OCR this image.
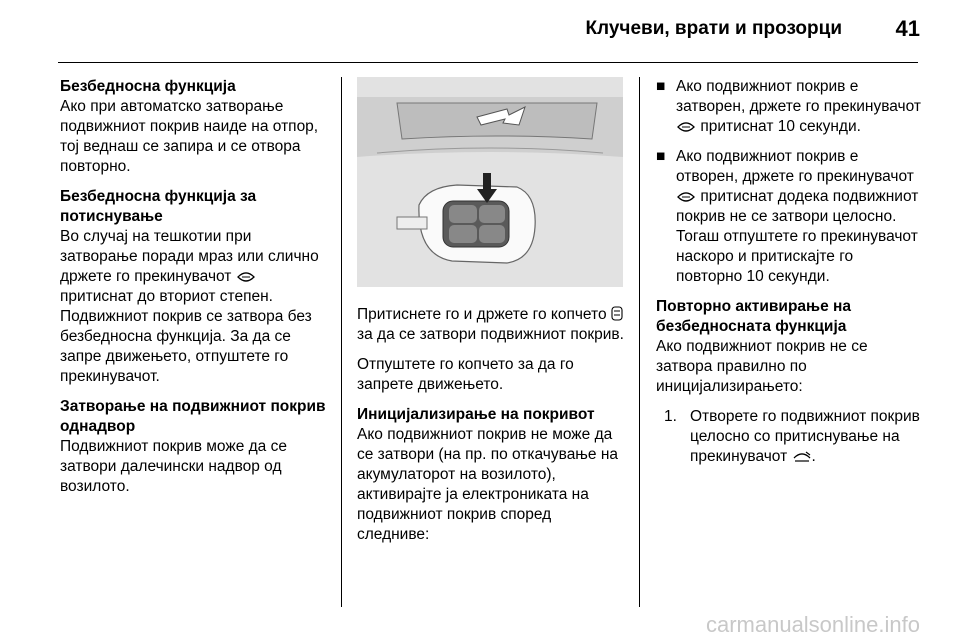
Клучеви, врати и прозорци 41
Безбедносна функција

Ако при автоматско затворање подвижниот покрив наиде на отпор, тој веднаш се запира и се отвора повторно.

Безбедносна функција за потиснување

Во случај на тешкотии при затворање поради мраз или слично држете го прекинувачот  притиснат до вториот степен. Подвижниот покрив се затвора без безбедносна функција. За да се запре движењето, отпуштете го прекинувачот.

Затворање на подвижниот покрив однадвор

Подвижниот покрив може да се затвори далечински надвор од возилото.

Притиснете го и држете го копчето  за да се затвори подвижниот покрив.

Отпуштете го копчето за да го запрете движењето.

Иницијализирање на покривот

Ако подвижниот покрив не може да се затвори (на пр. по откачување на акумулаторот на возилото), активирајте ја електрониката на подвижниот покрив според следниве:

■ Ако подвижниот покрив е затворен, држете го прекинувачот  притиснат 10 секунди.
■ Ако подвижниот покрив е отворен, држете го прекинувачот  притиснат додека подвижниот покрив не се затвори целосно. Тогаш отпуштете го прекинувачот наскоро и притискајте го повторно 10 секунди.
Повторно активирање на безбедносната функција

Ако подвижниот покрив не се затвора правилно по иницијализирањето:

1. Отворете го подвижниот покрив целосно со притиснување на прекинувачот .
carmanualsonline.info
